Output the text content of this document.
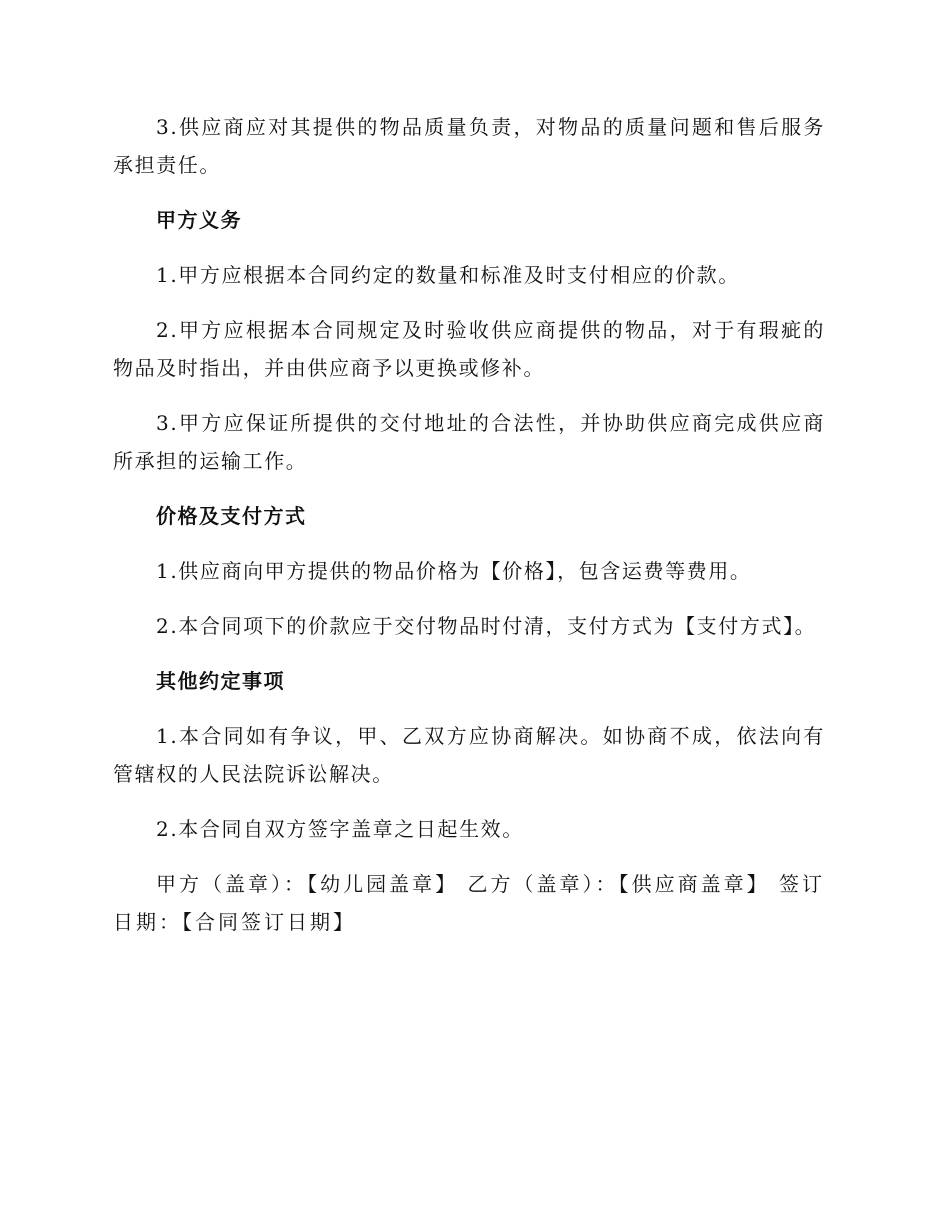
3.供应商应对其提供的物品质量负责，对物品的质量问题和售后服务承担责任。

甲方义务

1.甲方应根据本合同约定的数量和标准及时支付相应的价款。

2.甲方应根据本合同规定及时验收供应商提供的物品，对于有瑕疵的物品及时指出，并由供应商予以更换或修补。

3.甲方应保证所提供的交付地址的合法性，并协助供应商完成供应商所承担的运输工作。

价格及支付方式

1.供应商向甲方提供的物品价格为【价格】，包含运费等费用。

2.本合同项下的价款应于交付物品时付清，支付方式为【支付方式】。

其他约定事项

1.本合同如有争议，甲、乙双方应协商解决。如协商不成，依法向有管辖权的人民法院诉讼解决。

2.本合同自双方签字盖章之日起生效。

甲方（盖章）：【幼儿园盖章】 乙方（盖章）：【供应商盖章】 签订日期：【合同签订日期】
